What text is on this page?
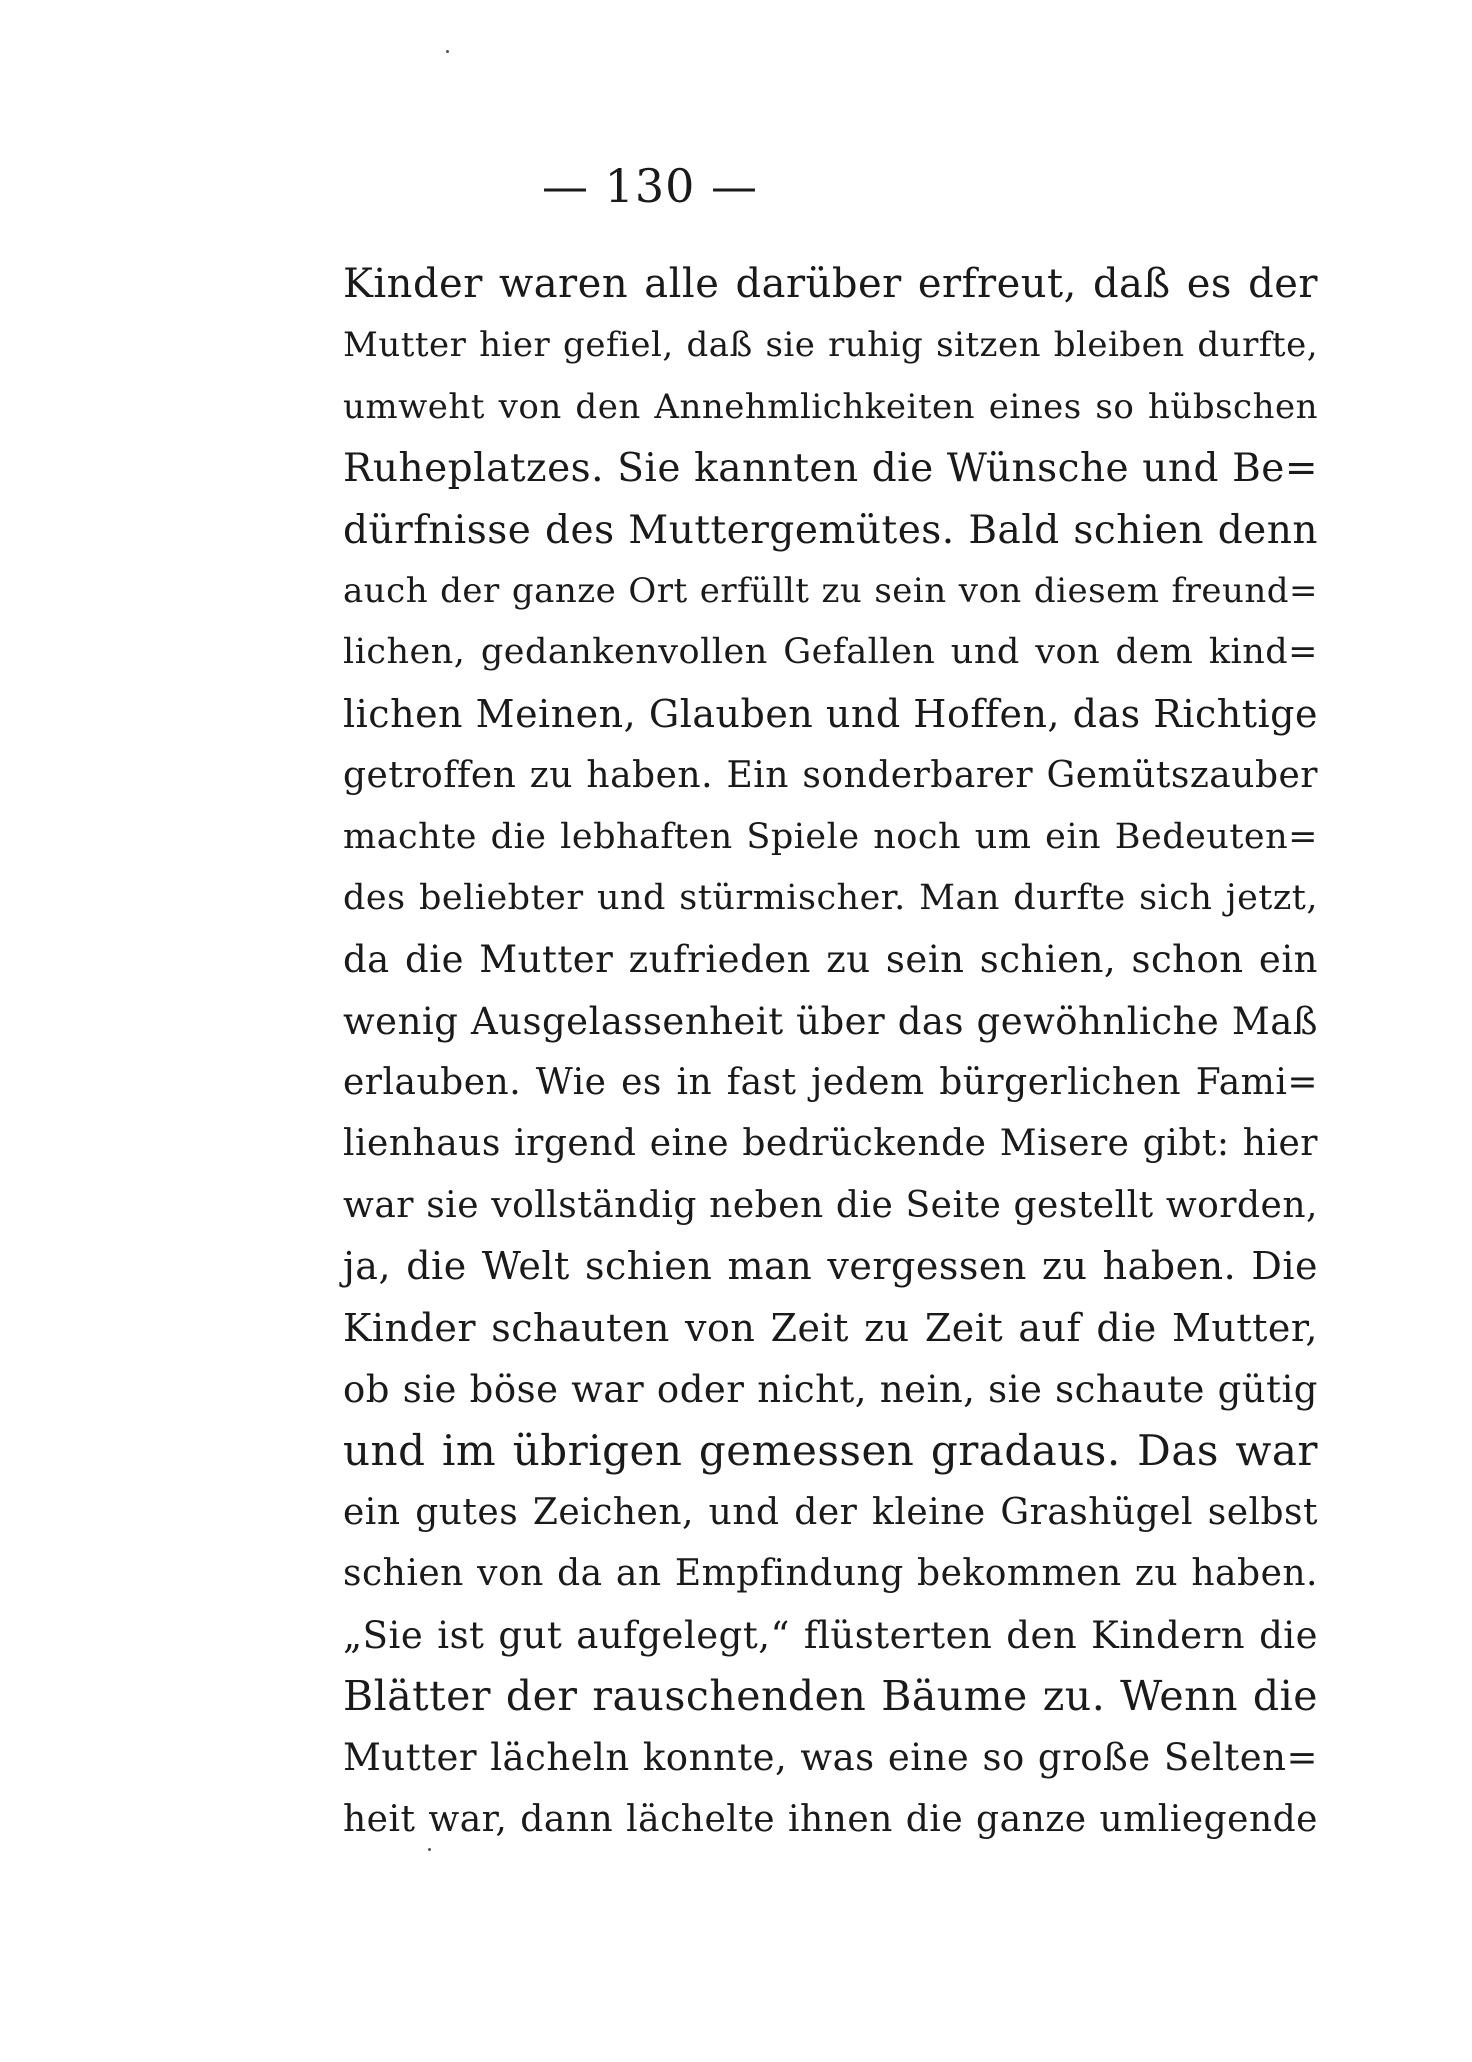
— 130 —
Kinder waren alle darüber erfreut, daß es der
Mutter hier gefiel, daß sie ruhig sitzen bleiben durfte,
umweht von den Annehmlichkeiten eines so hübschen
Ruheplatzes. Sie kannten die Wünsche und Be=
dürfnisse des Muttergemütes. Bald schien denn
auch der ganze Ort erfüllt zu sein von diesem freund=
lichen, gedankenvollen Gefallen und von dem kind=
lichen Meinen, Glauben und Hoffen, das Richtige
getroffen zu haben. Ein sonderbarer Gemütszauber
machte die lebhaften Spiele noch um ein Bedeuten=
des beliebter und stürmischer. Man durfte sich jetzt,
da die Mutter zufrieden zu sein schien, schon ein
wenig Ausgelassenheit über das gewöhnliche Maß
erlauben. Wie es in fast jedem bürgerlichen Fami=
lienhaus irgend eine bedrückende Misere gibt: hier
war sie vollständig neben die Seite gestellt worden,
ja, die Welt schien man vergessen zu haben. Die
Kinder schauten von Zeit zu Zeit auf die Mutter,
ob sie böse war oder nicht, nein, sie schaute gütig
und im übrigen gemessen gradaus. Das war
ein gutes Zeichen, und der kleine Grashügel selbst
schien von da an Empfindung bekommen zu haben.
„Sie ist gut aufgelegt,“ flüsterten den Kindern die
Blätter der rauschenden Bäume zu. Wenn die
Mutter lächeln konnte, was eine so große Selten=
heit war, dann lächelte ihnen die ganze umliegende
